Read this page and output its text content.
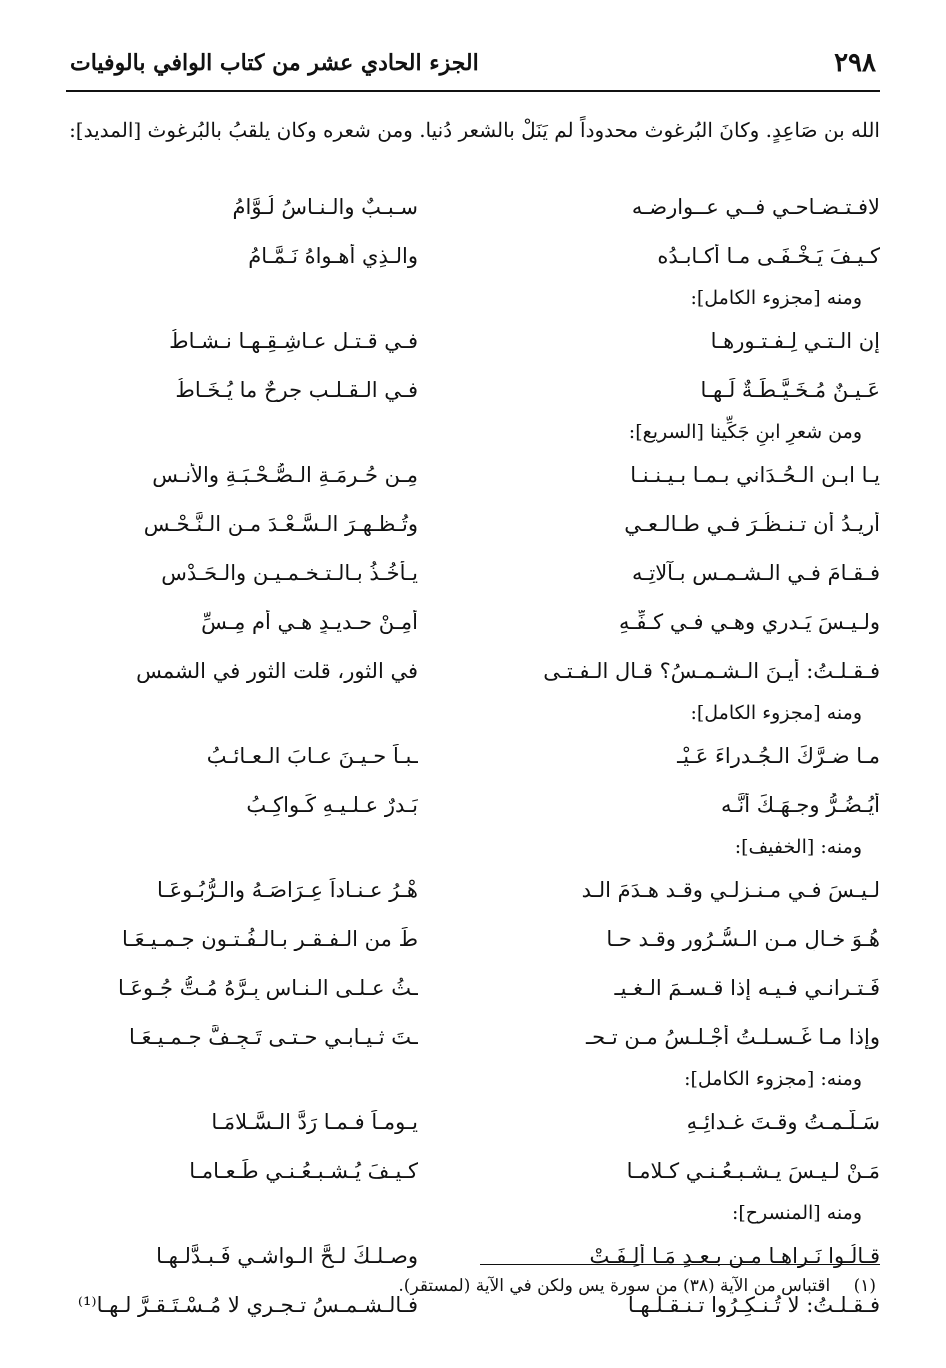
٢٩٨
الجزء الحادي عشر من كتاب الوافي بالوفيات
الله بن صَاعِدٍ. وكانَ البُرغوث محدوداً لم يَنَلْ بالشعر دُنيا. ومن شعره وكان يلقبُ بالبُرغوث [المديد]:
لافـتـضـاحـي فــي عــوارضـه
سـبـبٌ والـنـاسُ لُـوَّامُ
كـيـفَ يَـخْـفَـى مـا أُكـابـدُه
والـذِي أهـواهُ نَـمَّـامُ
ومنه [مجزوء الكامل]:
إن الـتـي لِـفـتـورهـا
فـي قـتـل عـاشِـقِـهـا نـشـاطُ
عَـيـنٌ مُـخَـيَّـطَـةٌ لَـهـا
فـي الـقـلـب جرحٌ ما يُـخَـاطُ
ومن شعرِ ابنِ جَكِّينا [السريع]:
يـا ابـن الـحُـدَاني بـمـا بـيـنـنـا
مِـن حُـرمَـةِ الـصُّـحْـبَـةِ والأُنـسِ
أريـدُ أن تـنـظُـرَ فـي طـالـعـي
وتُـظـهـرَ الـسَّـعْـدَ مـن الـنَّـحْـسِ
فـقـامَ فـي الـشـمـسِ بـآلاتِـه
يـأخُـذُ بـالـتـخـمـيـنِ والـحَـدْسِ
ولـيـسَ يَـدري وهـي فـي كـفِّـهِ
أمِـنْ حـديـدٍ هـي أم مِـسِّ
فـقـلـتُ: أيـنَ الـشـمـسُ؟ قـال الـفـتـى
في الثورِ، قلت الثور في الشمسِ
ومنه [مجزوء الكامل]:
مـا ضـرَّكَ الـجُـدراءَ عَـيْـ
ـبـاً حـيـنَ عـابَ الـعـائـبُ
أيُـضُـرُّ وجـهَـكَ أنَّـه
بَـدرٌ عـلـيـهِ كَـواكِـبُ
ومنه: [الخفيف]:
لـيـسَ فـي مـنـزلـي وقـد هـدَمَ الـد
هْـرُ عـنـاداً عِـرَاصَـهُ والـرُّبُـوعَـا
هُـوَ خـالٍ مـن الـسُّـرُورِ وقـد حـا
طَ من الـفـقـرِ بـالـفُـتـونِ جـمـيـعَـا
فَـتـرانـي فـيـه إذا قـسـمَ الـغـيـ
ـثُ عـلـى الـنـاسِ بِـرَّهُ مُـتُّ جُـوعَـا
وإذا مـا غَـسـلـتُ أجْـلـسُ مـن تـحـ
ـتَ ثـيـابـي حـتـى تَـجِـفَّ جـمـيـعَـا
ومنه: [مجزوء الكامل]:
سَـلَّـمـتُ وقـتَ غـدائِـهِ
يـومـاً فـمـا رَدَّ الـسَّـلامَـا
مَـنْ لـيـسَ يـشـبـعُـنـي كـلامـا
كـيـفَ يُـشـبـعُـنـي طَـعـامـا
ومنه [المنسرح]:
قـالُـوا نَـراهـا مـن بـعـدِ مَـا ألِـفَـتْ
وصـلـكَ لـحَّ الـواشـي فَـبـدَّلـهـا
فـقـلـتُ: لا تُـنـكِـرُوا تـنـقـلـهـا
فـالـشـمـسُ تـجـري لا مُـسْـتَـقـرَّ لـهـا⁽¹⁾
(١) اقتباس من الآية (٣٨) من سورة يس ولكن في الآية (لمستقر).
